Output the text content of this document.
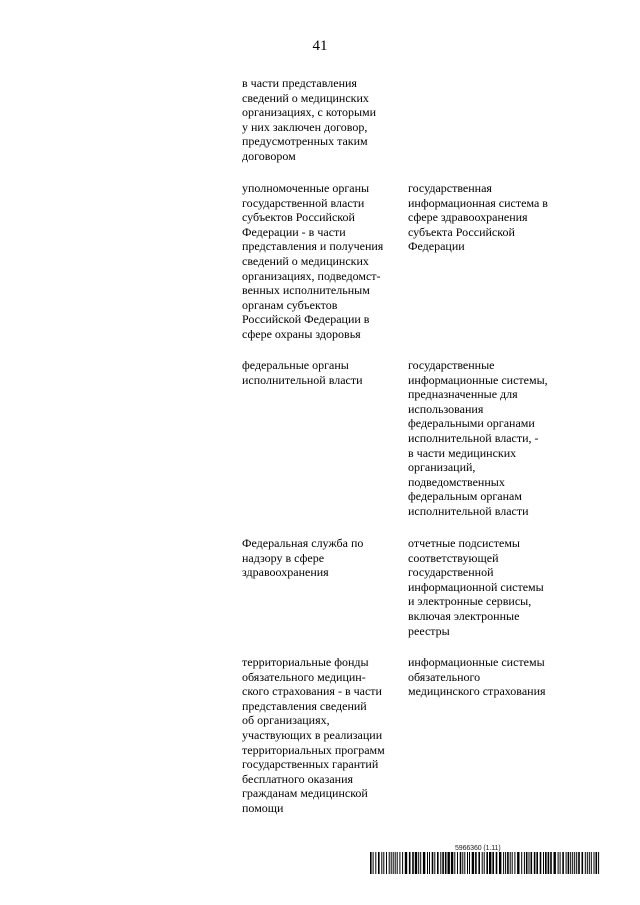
41
в части представления
сведений о медицинских
организациях, с которыми
у них заключен договор,
предусмотренных таким
договором
уполномоченные органы
государственной власти
субъектов Российской
Федерации - в части
представления и получения
сведений о медицинских
организациях, подведомст-
венных исполнительным
органам субъектов
Российской Федерации в
сфере охраны здоровья
государственная
информационная система в
сфере здравоохранения
субъекта Российской
Федерации
федеральные органы
исполнительной власти
государственные
информационные системы,
предназначенные для
использования
федеральными органами
исполнительной власти, -
в части медицинских
организаций,
подведомственных
федеральным органам
исполнительной власти
Федеральная служба по
надзору в сфере
здравоохранения
отчетные подсистемы
соответствующей
государственной
информационной системы
и электронные сервисы,
включая электронные
реестры
территориальные фонды
обязательного медицин-
ского страхования - в части
представления сведений
об организациях,
участвующих в реализации
территориальных программ
государственных гарантий
бесплатного оказания
гражданам медицинской
помощи
информационные системы
обязательного
медицинского страхования
5966360 (1.11)
